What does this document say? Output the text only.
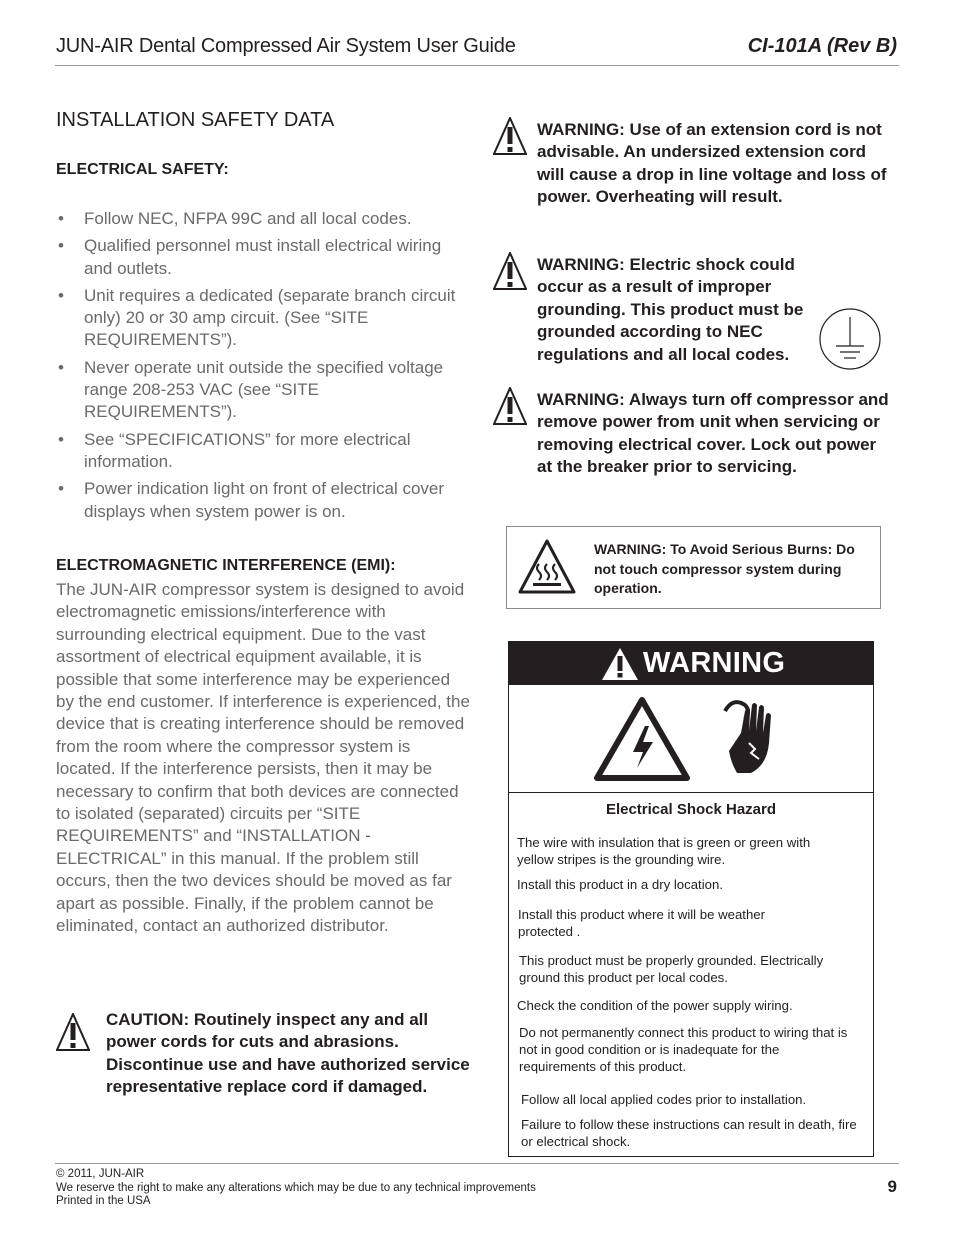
JUN-AIR Dental Compressed Air System User Guide	CI-101A (Rev B)
INSTALLATION SAFETY DATA
ELECTRICAL SAFETY:
• Follow NEC, NFPA 99C and all local codes.
• Qualified personnel must install electrical wiring and outlets.
• Unit requires a dedicated (separate branch circuit only) 20 or 30 amp circuit. (See “SITE REQUIREMENTS”).
• Never operate unit outside the specified voltage range 208-253 VAC (see “SITE REQUIREMENTS”).
• See “SPECIFICATIONS” for more electrical information.
• Power indication light on front of electrical cover displays when system power is on.
ELECTROMAGNETIC INTERFERENCE (EMI):
The JUN-AIR compressor system is designed to avoid electromagnetic emissions/interference with surrounding electrical equipment. Due to the vast assortment of electrical equipment available, it is possible that some interference may be experienced by the end customer. If interference is experienced, the device that is creating interference should be removed from the room where the compressor system is located. If the interference persists, then it may be necessary to confirm that both devices are connected to isolated (separated) circuits per “SITE REQUIREMENTS” and “INSTALLATION - ELECTRICAL” in this manual. If the problem still occurs, then the two devices should be moved as far apart as possible. Finally, if the problem cannot be eliminated, contact an authorized distributor.
CAUTION: Routinely inspect any and all power cords for cuts and abrasions. Discontinue use and have authorized service representative replace cord if damaged.
WARNING: Use of an extension cord is not advisable. An undersized extension cord will cause a drop in line voltage and loss of power. Overheating will result.
WARNING: Electric shock could occur as a result of improper grounding. This product must be grounded according to NEC regulations and all local codes.
WARNING: Always turn off compressor and remove power from unit when servicing or removing electrical cover. Lock out power at the breaker prior to servicing.
WARNING: To Avoid Serious Burns: Do not touch compressor system during operation.
WARNING
Electrical Shock Hazard
The wire with insulation that is green or green with yellow stripes is the grounding wire.
Install this product in a dry location.
Install this product where it will be weather protected .
This product must be properly grounded. Electrically ground this product per local codes.
Check the condition of the power supply wiring.
Do not permanently connect this product to wiring that is not in good condition or is inadequate for the requirements of this product.
Follow all local applied codes prior to installation.
Failure to follow these instructions can result in death, fire or electrical shock.
© 2011, JUN-AIR
We reserve the right to make any alterations which may be due to any technical improvements
Printed in the USA
9
